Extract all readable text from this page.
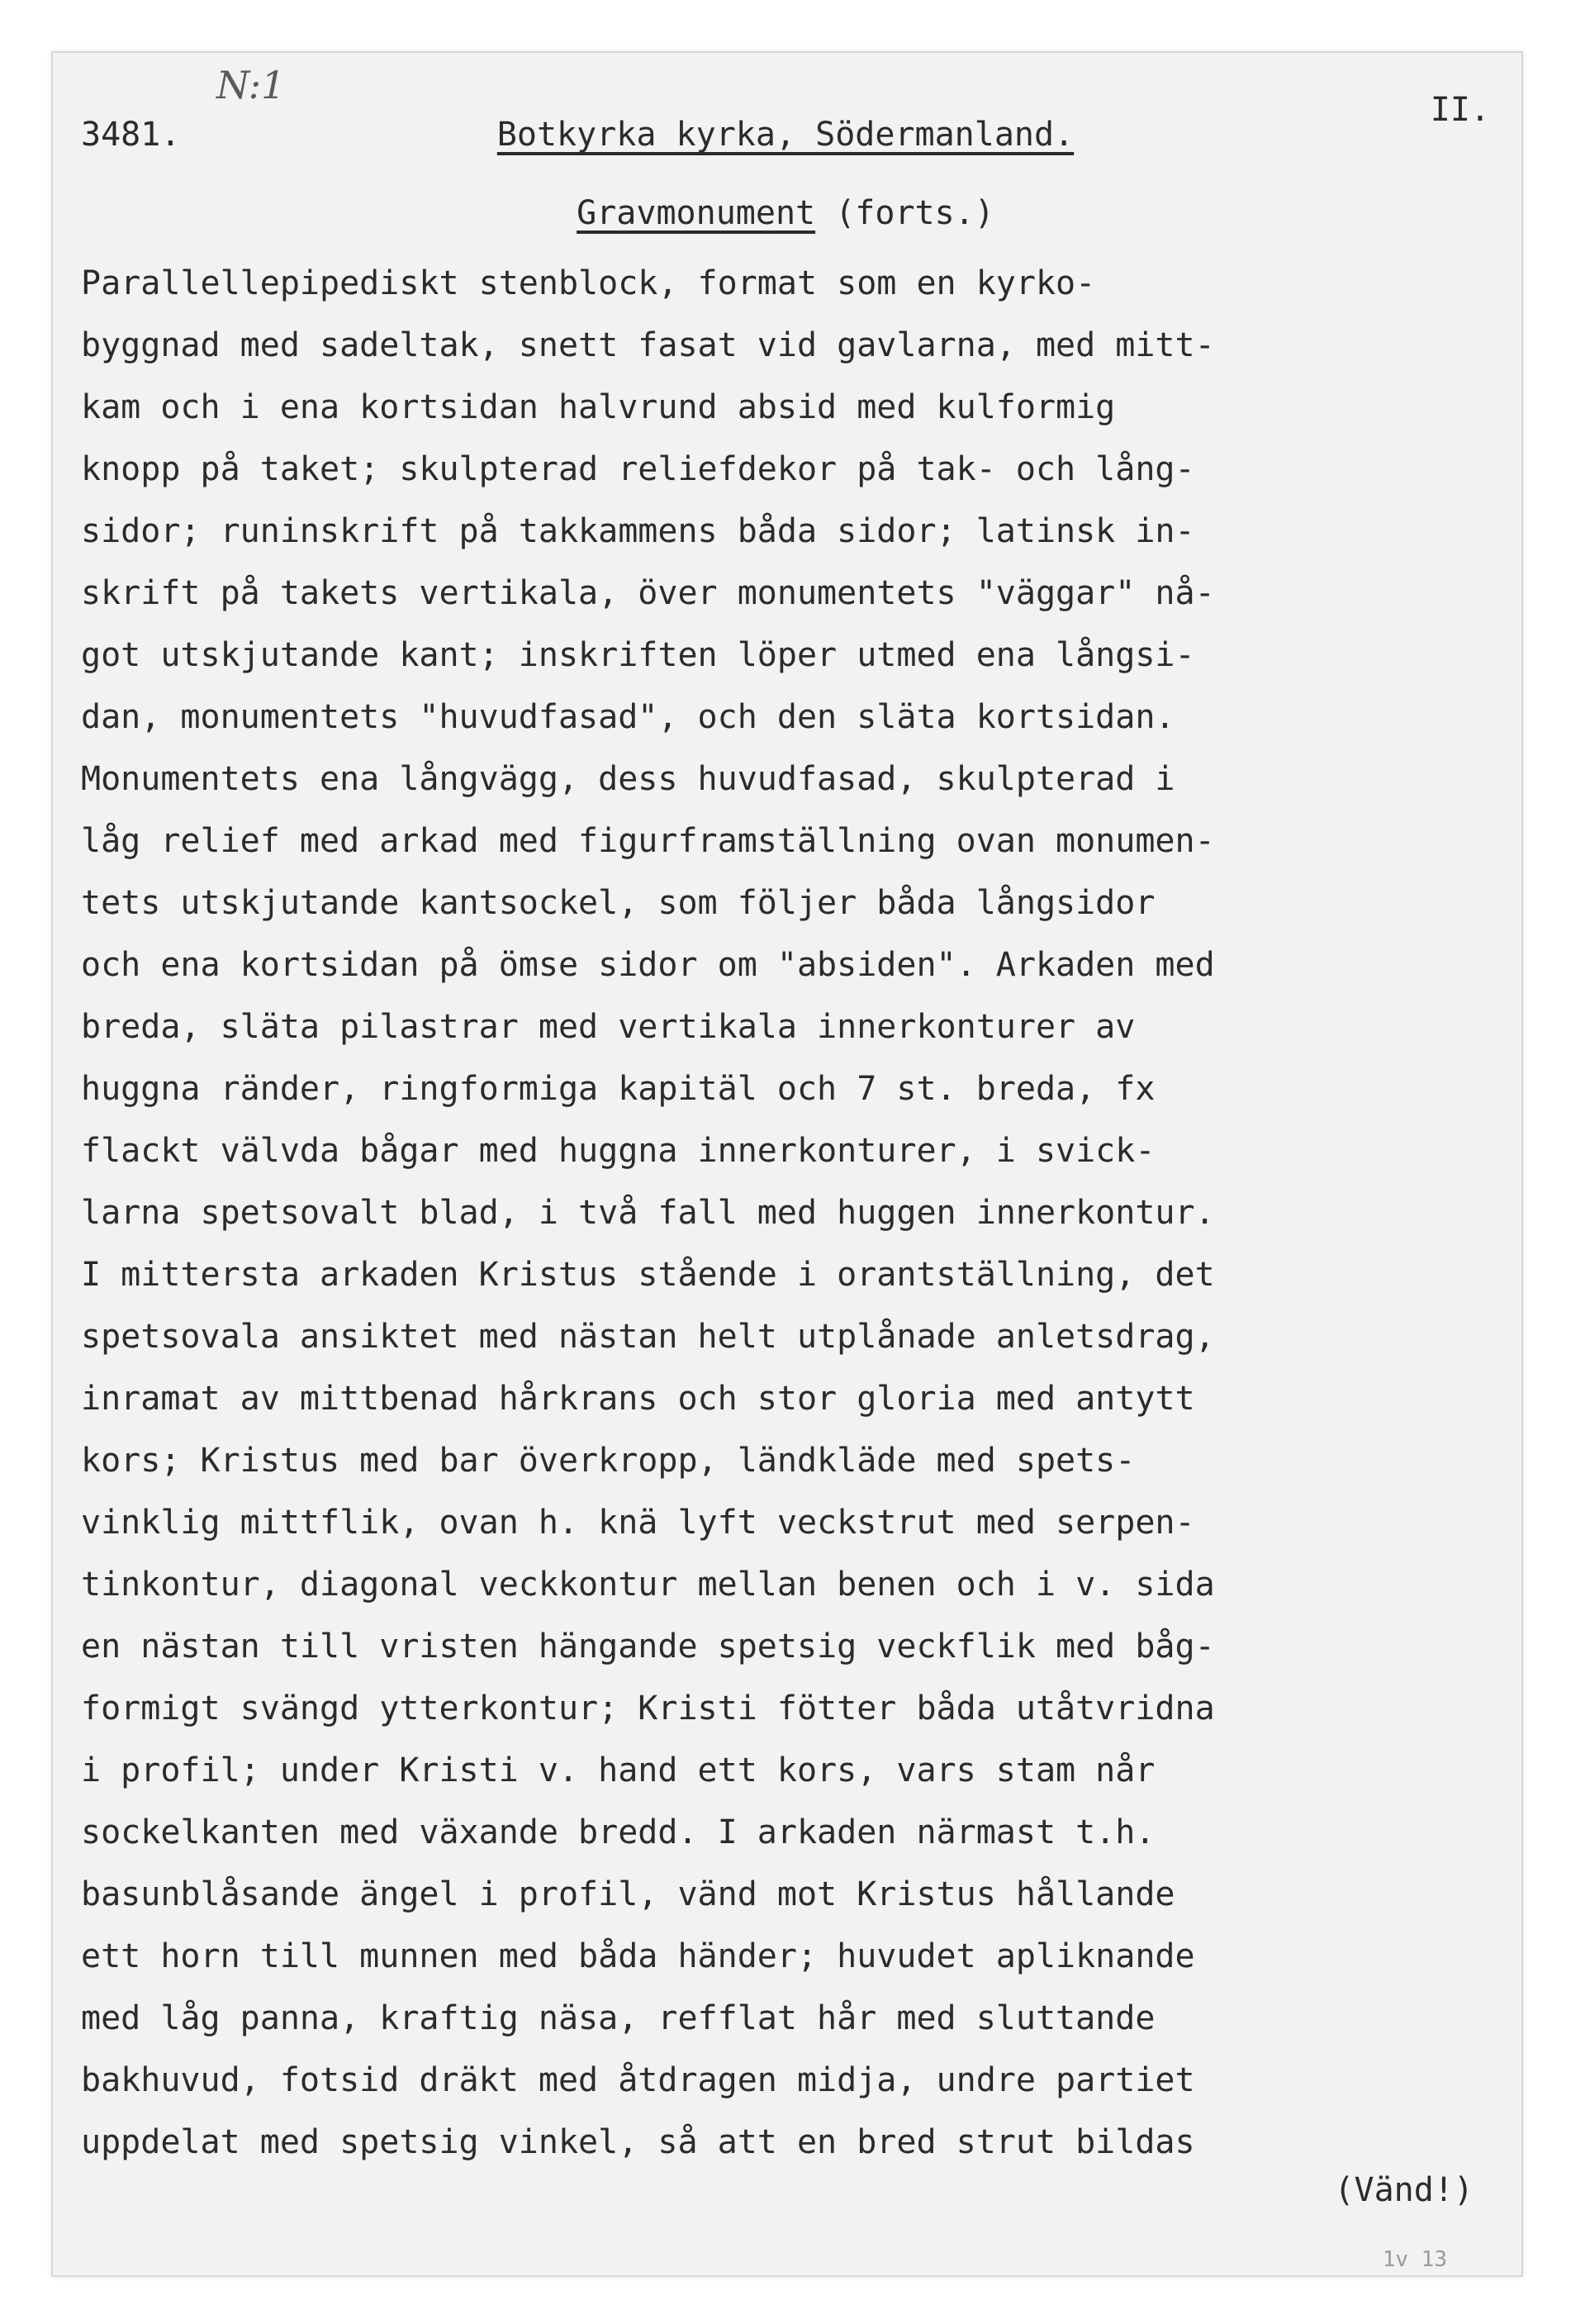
N:1
3481.	Botkyrka kyrka, Södermanland.
II.
Gravmonument (forts.)
Parallellepipediskt stenblock, format som en kyrko-
byggnad med sadeltak, snett fasat vid gavlarna, med mitt-
kam och i ena kortsidan halvrund absid med kulformig
knopp på taket; skulpterad reliefdekor på tak- och lång-
sidor; runinskrift på takkammens båda sidor; latinsk in-
skrift på takets vertikala, över monumentets "väggar" nå-
got utskjutande kant; inskriften löper utmed ena långsi-
dan, monumentets "huvudfasad", och den släta kortsidan.
Monumentets ena långvägg, dess huvudfasad, skulpterad i
låg relief med arkad med figurframställning ovan monumen-
tets utskjutande kantsockel, som följer båda långsidor
och ena kortsidan på ömse sidor om "absiden". Arkaden med
breda, släta pilastrar med vertikala innerkonturer av
huggna ränder, ringformiga kapitäl och 7 st. breda, fx
flackt välvda bågar med huggna innerkonturer, i svick-
larna spetsovalt blad, i två fall med huggen innerkontur.
I mittersta arkaden Kristus stående i orantställning, det
spetsovala ansiktet med nästan helt utplånade anletsdrag,
inramat av mittbenad hårkrans och stor gloria med antytt
kors; Kristus med bar överkropp, ländkläde med spets-
vinklig mittflik, ovan h. knä lyft veckstrut med serpen-
tinkontur, diagonal veckkontur mellan benen och i v. sida
en nästan till vristen hängande spetsig veckflik med båg-
formigt svängd ytterkontur; Kristi fötter båda utåtvridna
i profil; under Kristi v. hand ett kors, vars stam når
sockelkanten med växande bredd. I arkaden närmast t.h.
basunblåsande ängel i profil, vänd mot Kristus hållande
ett horn till munnen med båda händer; huvudet apliknande
med låg panna, kraftig näsa, refflat hår med sluttande
bakhuvud, fotsid dräkt med åtdragen midja, undre partiet
uppdelat med spetsig vinkel, så att en bred strut bildas
(Vänd!)
1v 13
